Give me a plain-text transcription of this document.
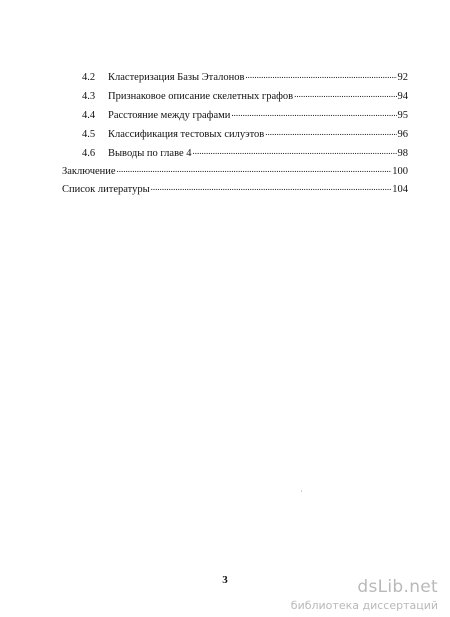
4.2	Кластеризация Базы Эталонов .....	92
4.3	Признаковое описание скелетных графов .....	94
4.4	Расстояние между графами .....	95
4.5	Классификация тестовых силуэтов .....	96
4.6	Выводы по главе 4 .....	98
Заключение .....	100
Список литературы .....	104
3	dsLib.net
библиотека диссертаций
